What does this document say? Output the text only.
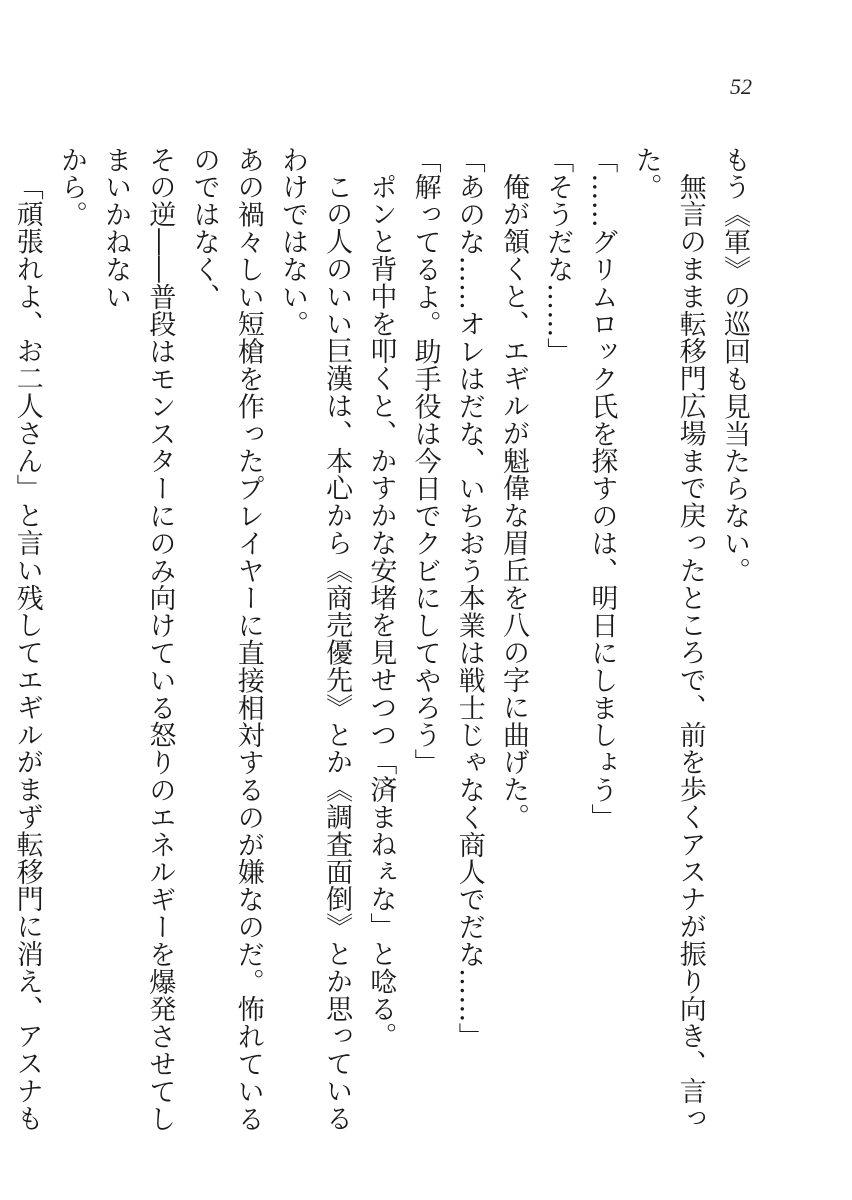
52

もう《軍》の巡回も見当たらない。

無言のまま転移門広場まで戻ったところで、前を歩くアスナが振り向き、言った。

「……グリムロック氏を探すのは、明日にしましょう」

「そうだな……」

俺が頷くと、エギルが魁偉な眉丘を八の字に曲げた。

「あのな……オレはだな、いちおう本業は戦士じゃなく商人でだな……」

「解ってるよ。助手役は今日でクビにしてやろう」

ポンと背中を叩くと、かすかな安堵を見せつつ「済まねぇな」と唸る。

この人のいい巨漢は、本心から《商売優先》とか《調査面倒》とか思っているわけではない。

あの禍々しい短槍を作ったプレイヤーに直接相対するのが嫌なのだ。怖れているのではなく、

その逆――普段はモンスターにのみ向けている怒りのエネルギーを爆発させてしまいかねない

から。

「頑張れよ、お二人さん」と言い残してエギルがまず転移門に消え、アスナも
